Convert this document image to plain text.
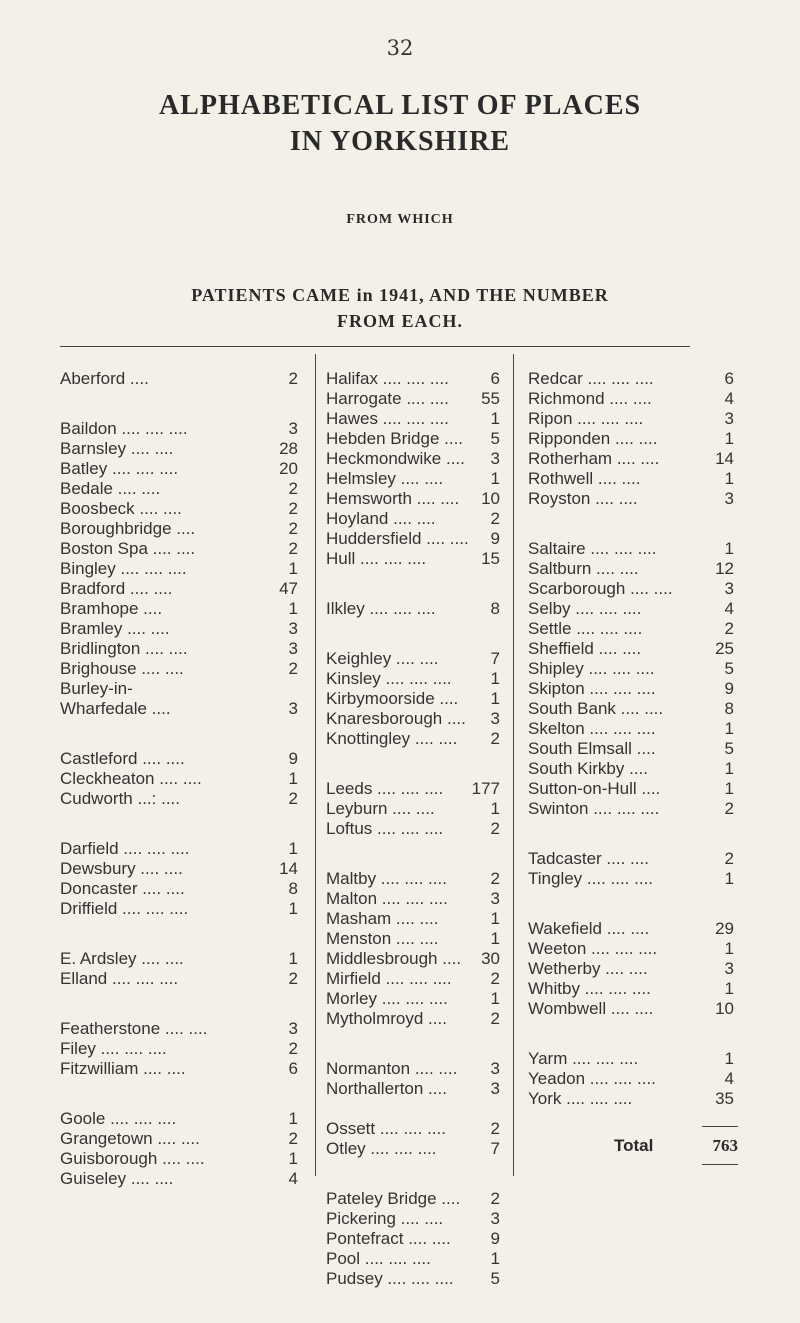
32
ALPHABETICAL LIST OF PLACES
IN YORKSHIRE
FROM WHICH
PATIENTS CAME in 1941, AND THE NUMBER
FROM EACH.
Aberford ....	2
Baildon .... .... ....	3
Barnsley .... ....	28
Batley .... .... ....	20
Bedale .... ....	2
Boosbeck .... ....	2
Boroughbridge ....	2
Boston Spa .... ....	2
Bingley .... .... ....	1
Bradford .... ....	47
Bramhope ....	1
Bramley .... ....	3
Bridlington .... ....	3
Brighouse .... ....	2
Burley-in-
Wharfedale ....	3
Castleford .... ....	9
Cleckheaton .... ....	1
Cudworth ...: ....	2
Darfield .... .... ....	1
Dewsbury .... ....	14
Doncaster .... ....	8
Driffield .... .... ....	1
E. Ardsley .... ....	1
Elland .... .... ....	2
Featherstone .... ....	3
Filey .... .... ....	2
Fitzwilliam .... ....	6
Goole .... .... ....	1
Grangetown .... ....	2
Guisborough .... ....	1
Guiseley .... ....	4
Halifax .... .... .... 6
Harrogate .... .... 55
Hawes .... .... .... 1
Hebden Bridge .... 5
Heckmondwike .... 3
Helmsley .... ....	1
Hemsworth .... .... 10
Hoyland .... ....	2
Huddersfield .... .... 9
Hull .... .... ....	15
Ilkley .... .... ....	8
Keighley .... ....	7
Kinsley .... .... .... 1
Kirbymoorside .... 1
Knaresborough .... 3
Knottingley .... .... 2
Leeds .... .... .... 177
Leyburn .... ....	1
Loftus .... .... ....	2
Maltby .... .... ....	2
Malton .... .... ....	3
Masham .... ....	1
Menston .... ....	1
Middlesbrough .... 30
Mirfield .... .... .... 2
Morley .... .... ....	1
Mytholmroyd ....	2
Normanton .... .... 3
Northallerton ....	3
Ossett .... .... ....	2
Otley .... .... ....	7
Pateley Bridge .... 2
Pickering .... ....	3
Pontefract .... .... 9
Pool .... .... ....	1
Pudsey .... .... .... 5
Redcar .... .... ....	6
Richmond .... ....	4
Ripon .... .... ....	3
Ripponden .... ....	1
Rotherham .... ....	14
Rothwell .... ....	1
Royston .... ....	3
Saltaire .... .... ....	1
Saltburn .... ....	12
Scarborough .... ....	3
Selby .... .... ....	4
Settle .... .... ....	2
Sheffield .... ....	25
Shipley .... .... ....	5
Skipton .... .... ....	9
South Bank .... ....	8
Skelton .... .... ....	1
South Elmsall ....	5
South Kirkby ....	1
Sutton-on-Hull ....	1
Swinton .... .... ....	2
Tadcaster .... ....	2
Tingley .... .... ....	1
Wakefield .... ....	29
Weeton .... .... ....	1
Wetherby .... ....	3
Whitby .... .... ....	1
Wombwell .... ....	10
Yarm .... .... ....	1
Yeadon .... .... ....	4
York .... .... ....	35
Total	763
